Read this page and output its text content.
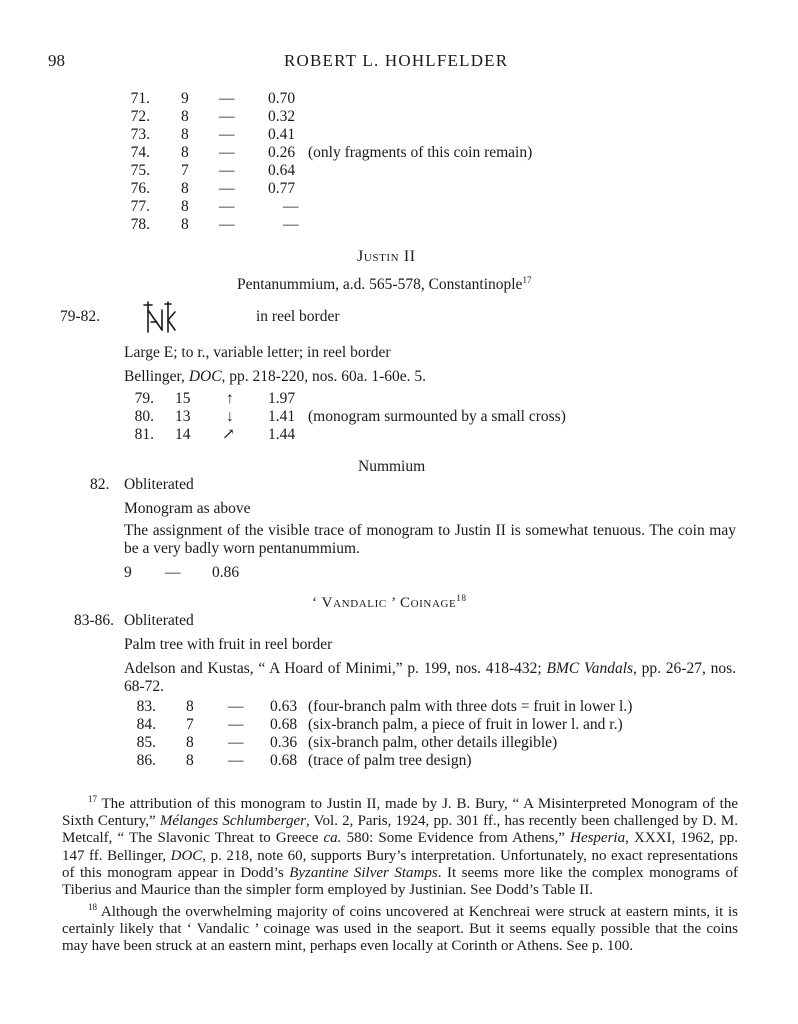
98	ROBERT L. HOHLFELDER
71. 9 — 0.70
72. 8 — 0.32
73. 8 — 0.41
74. 8 — 0.26 (only fragments of this coin remain)
75. 7 — 0.64
76. 8 — 0.77
77. 8 —	—
78. 8 —	—
Justin II
Pentanummium, a.d. 565-578, Constantinople$^{17}$
79-82.	in reel border
Large E; to r., variable letter; in reel border
Bellinger, DOC, pp. 218-220, nos. 60a. 1-60e. 5.
79. 15 ↑ 1.97
80. 13 ↓ 1.41 (monogram surmounted by a small cross)
81. 14 ↗ 1.44
Nummium
82. Obliterated
Monogram as above
The assignment of the visible trace of monogram to Justin II is somewhat tenuous. The coin may be a very badly worn pentanummium.
9 — 0.86
‘ Vandalic ’ Coinage$^{18}$
83-86. Obliterated
Palm tree with fruit in reel border
Adelson and Kustas, “ A Hoard of Minimi,” p. 199, nos. 418-432; BMC Vandals, pp. 26-27, nos. 68-72.
83. 8 — 0.63 (four-branch palm with three dots = fruit in lower l.)
84. 7 — 0.68 (six-branch palm, a piece of fruit in lower l. and r.)
85. 8 — 0.36 (six-branch palm, other details illegible)
86. 8 — 0.68 (trace of palm tree design)
$^{17}$ The attribution of this monogram to Justin II, made by J. B. Bury, “ A Misinterpreted Monogram of the Sixth Century,” Mélanges Schlumberger, Vol. 2, Paris, 1924, pp. 301 ff., has recently been challenged by D. M. Metcalf, “ The Slavonic Threat to Greece ca. 580: Some Evidence from Athens,” Hesperia, XXXI, 1962, pp. 147 ff. Bellinger, DOC, p. 218, note 60, supports Bury’s interpretation. Unfortunately, no exact representations of this monogram appear in Dodd’s Byzantine Silver Stamps. It seems more like the complex monograms of Tiberius and Maurice than the simpler form employed by Justinian. See Dodd’s Table II.
$^{18}$ Although the overwhelming majority of coins uncovered at Kenchreai were struck at eastern mints, it is certainly likely that ‘ Vandalic ’ coinage was used in the seaport. But it seems equally possible that the coins may have been struck at an eastern mint, perhaps even locally at Corinth or Athens. See p. 100.
